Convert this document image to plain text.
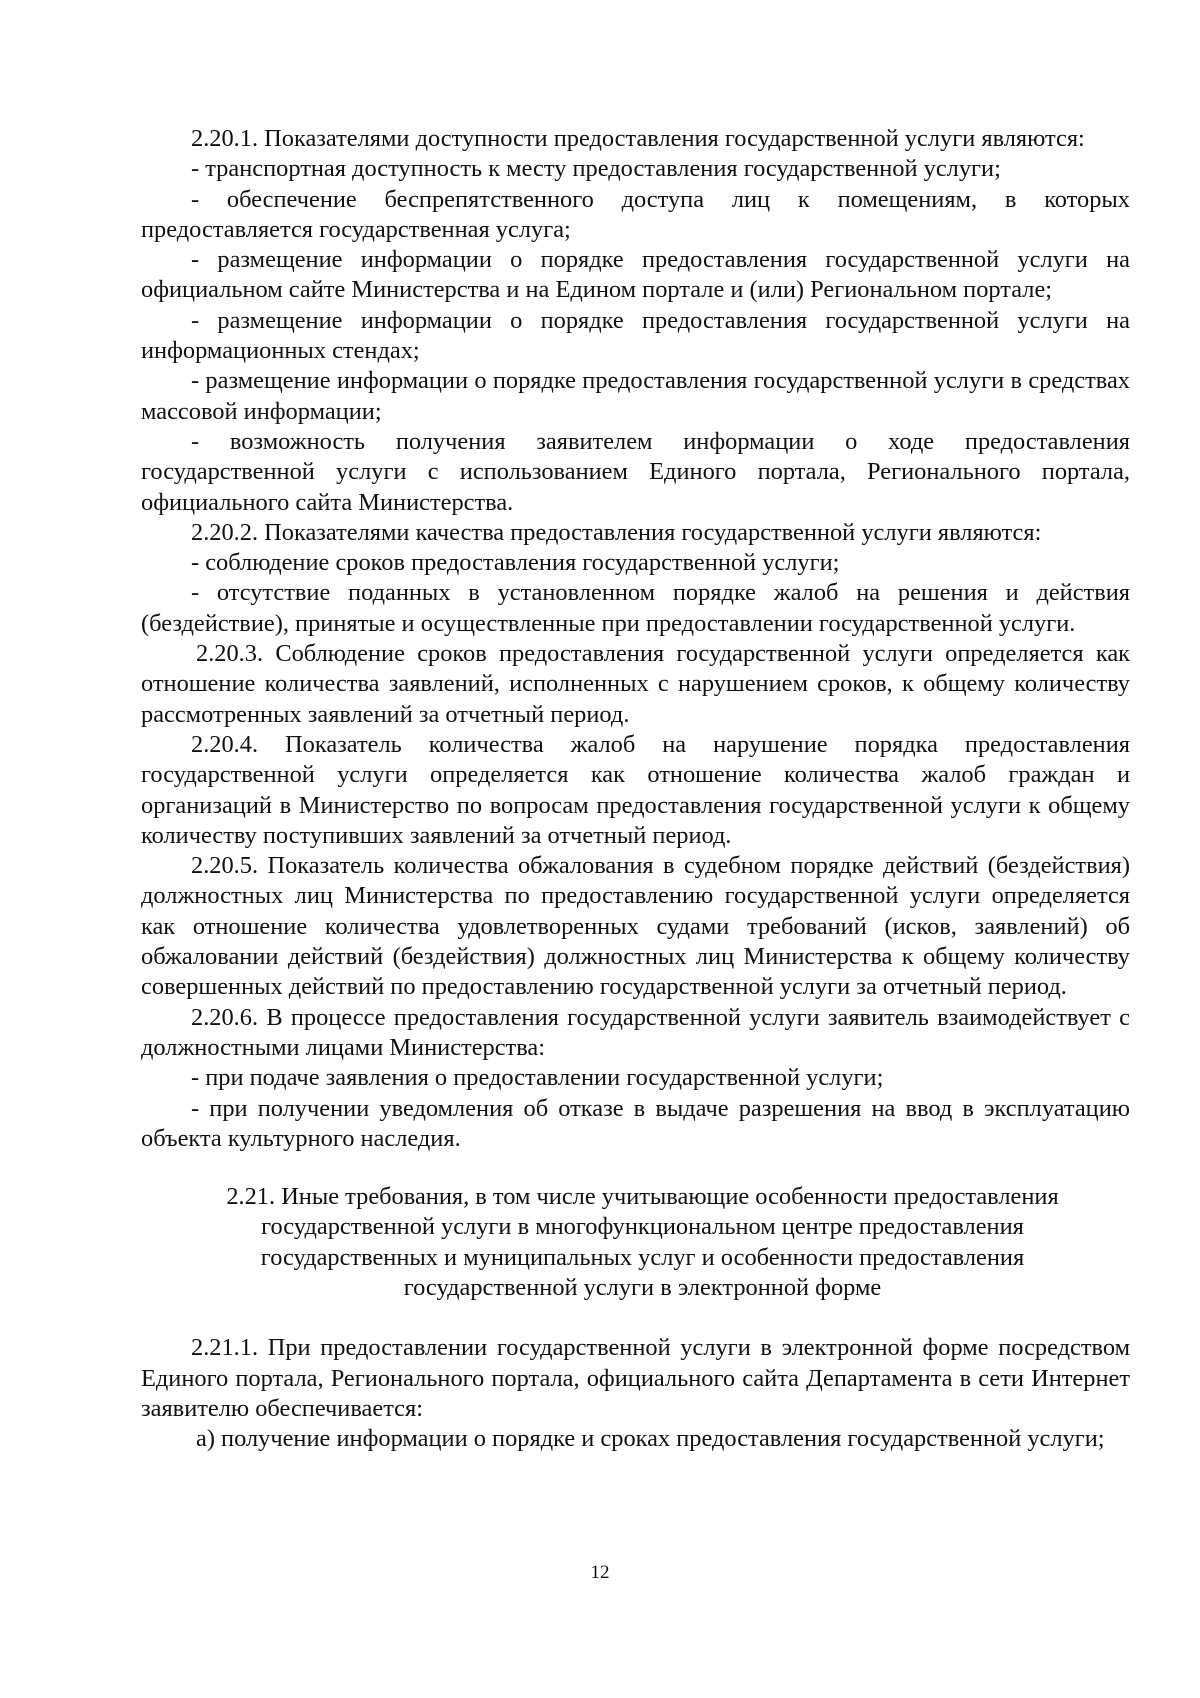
2.20.1. Показателями доступности предоставления государственной услуги являются:

- транспортная доступность к месту предоставления государственной услуги;

- обеспечение беспрепятственного доступа лиц к помещениям, в которых предоставляется государственная услуга;

- размещение информации о порядке предоставления государственной услуги на официальном сайте Министерства и на Едином портале и (или) Региональном портале;

- размещение информации о порядке предоставления государственной услуги на информационных стендах;

- размещение информации о порядке предоставления государственной услуги в средствах массовой информации;

- возможность получения заявителем информации о ходе предоставления государственной услуги с использованием Единого портала, Регионального портала, официального сайта Министерства.

2.20.2. Показателями качества предоставления государственной услуги являются:

- соблюдение сроков предоставления государственной услуги;

- отсутствие поданных в установленном порядке жалоб на решения и действия (бездействие), принятые и осуществленные при предоставлении государственной услуги.

2.20.3. Соблюдение сроков предоставления государственной услуги определяется как отношение количества заявлений, исполненных с нарушением сроков, к общему количеству рассмотренных заявлений за отчетный период.

2.20.4. Показатель количества жалоб на нарушение порядка предоставления государственной услуги определяется как отношение количества жалоб граждан и организаций в Министерство по вопросам предоставления государственной услуги к общему количеству поступивших заявлений за отчетный период.

2.20.5. Показатель количества обжалования в судебном порядке действий (бездействия) должностных лиц Министерства по предоставлению государственной услуги определяется как отношение количества удовлетворенных судами требований (исков, заявлений) об обжаловании действий (бездействия) должностных лиц Министерства к общему количеству совершенных действий по предоставлению государственной услуги за отчетный период.

2.20.6. В процессе предоставления государственной услуги заявитель взаимодействует с должностными лицами Министерства:

- при подаче заявления о предоставлении государственной услуги;

- при получении уведомления об отказе в выдаче разрешения на ввод в эксплуатацию объекта культурного наследия.

2.21. Иные требования, в том числе учитывающие особенности предоставления
государственной услуги в многофункциональном центре предоставления
государственных и муниципальных услуг и особенности предоставления
государственной услуги в электронной форме

2.21.1. При предоставлении государственной услуги в электронной форме посредством Единого портала, Регионального портала, официального сайта Департамента в сети Интернет заявителю обеспечивается:

а) получение информации о порядке и сроках предоставления государственной услуги;

12
